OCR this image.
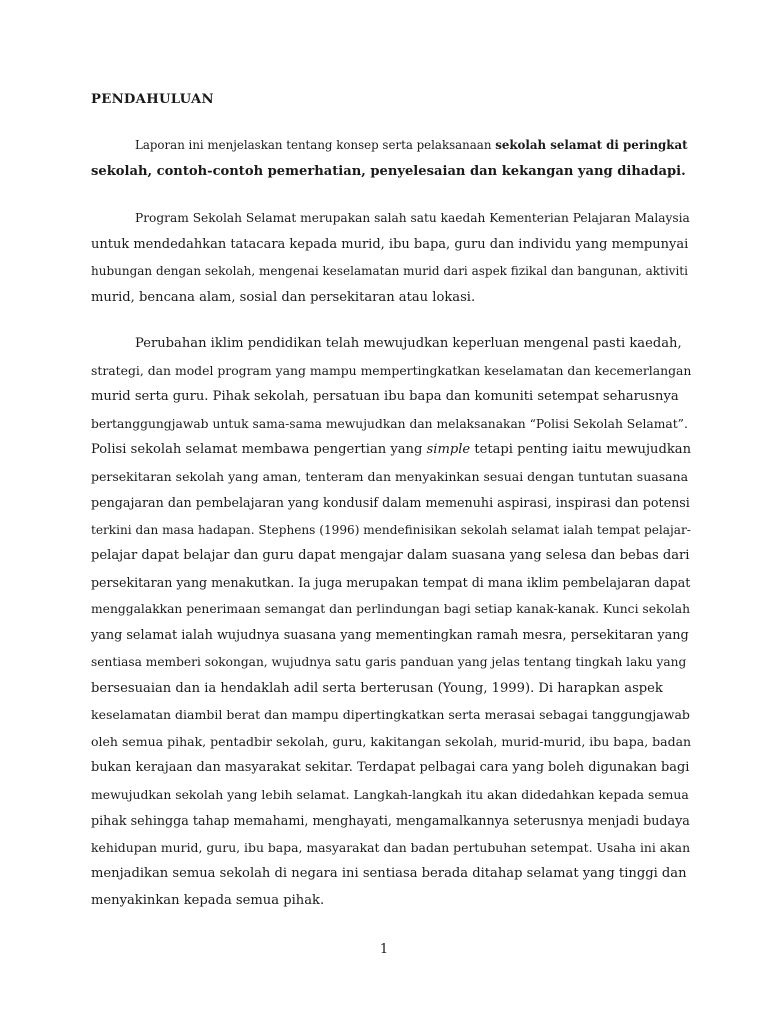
PENDAHULUAN

Laporan ini menjelaskan tentang konsep serta pelaksanaan sekolah selamat di peringkat
sekolah, contoh-contoh pemerhatian, penyelesaian dan kekangan yang dihadapi.

Program Sekolah Selamat merupakan salah satu kaedah Kementerian Pelajaran Malaysia
untuk mendedahkan tatacara kepada murid, ibu bapa, guru dan individu yang mempunyai
hubungan dengan sekolah, mengenai keselamatan murid dari aspek fizikal dan bangunan, aktiviti
murid, bencana alam, sosial dan persekitaran atau lokasi.

Perubahan iklim pendidikan telah mewujudkan keperluan mengenal pasti kaedah,
strategi, dan model program yang mampu mempertingkatkan keselamatan dan kecemerlangan
murid serta guru. Pihak sekolah, persatuan ibu bapa dan komuniti setempat seharusnya
bertanggungjawab untuk sama-sama mewujudkan dan melaksanakan “Polisi Sekolah Selamat”.
Polisi sekolah selamat membawa pengertian yang simple tetapi penting iaitu mewujudkan
persekitaran sekolah yang aman, tenteram dan menyakinkan sesuai dengan tuntutan suasana
pengajaran dan pembelajaran yang kondusif dalam memenuhi aspirasi, inspirasi dan potensi
terkini dan masa hadapan. Stephens (1996) mendefinisikan sekolah selamat ialah tempat pelajar-
pelajar dapat belajar dan guru dapat mengajar dalam suasana yang selesa dan bebas dari
persekitaran yang menakutkan. Ia juga merupakan tempat di mana iklim pembelajaran dapat
menggalakkan penerimaan semangat dan perlindungan bagi setiap kanak-kanak. Kunci sekolah
yang selamat ialah wujudnya suasana yang mementingkan ramah mesra, persekitaran yang
sentiasa memberi sokongan, wujudnya satu garis panduan yang jelas tentang tingkah laku yang
bersesuaian dan ia hendaklah adil serta berterusan (Young, 1999). Di harapkan aspek
keselamatan diambil berat dan mampu dipertingkatkan serta merasai sebagai tanggungjawab
oleh semua pihak, pentadbir sekolah, guru, kakitangan sekolah, murid-murid, ibu bapa, badan
bukan kerajaan dan masyarakat sekitar. Terdapat pelbagai cara yang boleh digunakan bagi
mewujudkan sekolah yang lebih selamat. Langkah-langkah itu akan didedahkan kepada semua
pihak sehingga tahap memahami, menghayati, mengamalkannya seterusnya menjadi budaya
kehidupan murid, guru, ibu bapa, masyarakat dan badan pertubuhan setempat. Usaha ini akan
menjadikan semua sekolah di negara ini sentiasa berada ditahap selamat yang tinggi dan
menyakinkan kepada semua pihak.

1
